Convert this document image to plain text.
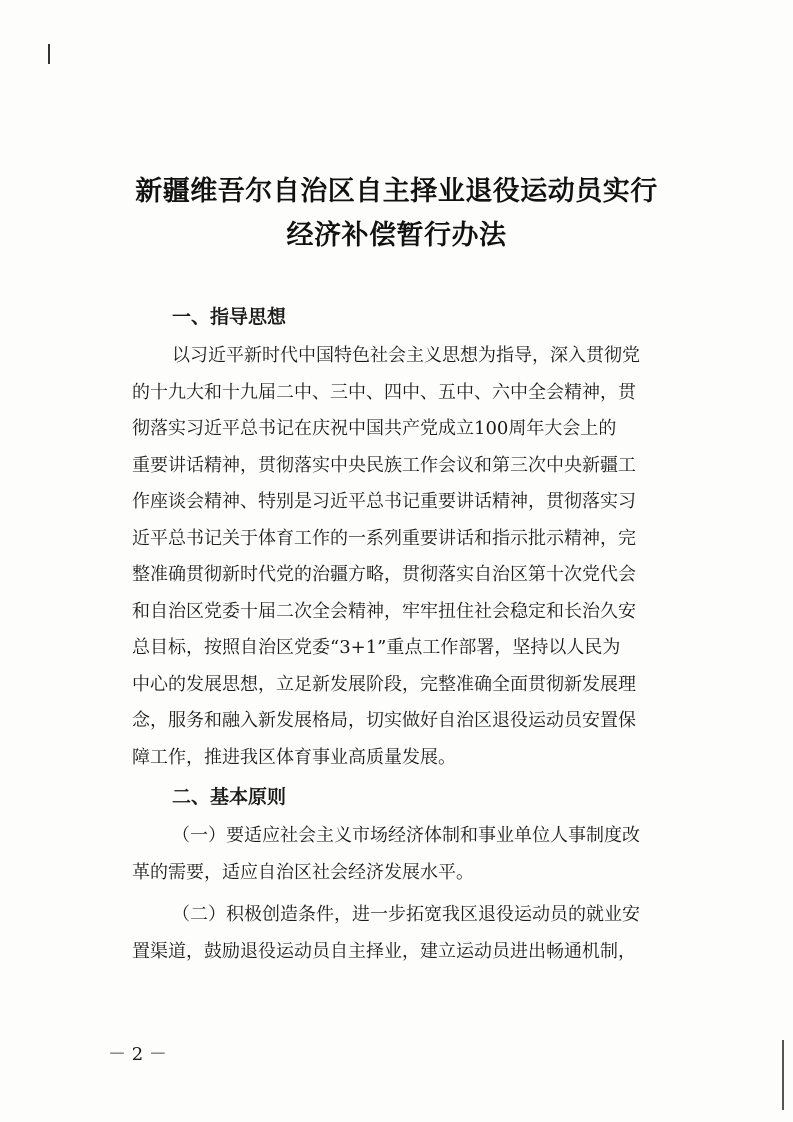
新疆维吾尔自治区自主择业退役运动员实行
经济补偿暂行办法
一、指导思想
以习近平新时代中国特色社会主义思想为指导，深入贯彻党
的十九大和十九届二中、三中、四中、五中、六中全会精神，贯
彻落实习近平总书记在庆祝中国共产党成立100周年大会上的
重要讲话精神，贯彻落实中央民族工作会议和第三次中央新疆工
作座谈会精神、特别是习近平总书记重要讲话精神，贯彻落实习
近平总书记关于体育工作的一系列重要讲话和指示批示精神，完
整准确贯彻新时代党的治疆方略，贯彻落实自治区第十次党代会
和自治区党委十届二次全会精神，牢牢扭住社会稳定和长治久安
总目标，按照自治区党委“3+1”重点工作部署，坚持以人民为
中心的发展思想，立足新发展阶段，完整准确全面贯彻新发展理
念，服务和融入新发展格局，切实做好自治区退役运动员安置保
障工作，推进我区体育事业高质量发展。
二、基本原则
（一）要适应社会主义市场经济体制和事业单位人事制度改
革的需要，适应自治区社会经济发展水平。
（二）积极创造条件，进一步拓宽我区退役运动员的就业安
置渠道，鼓励退役运动员自主择业，建立运动员进出畅通机制，
－ 2 －
